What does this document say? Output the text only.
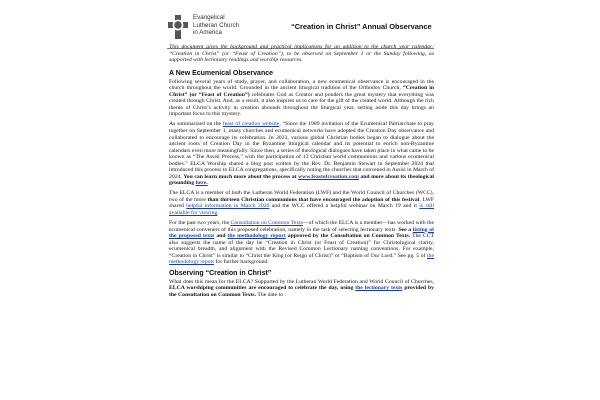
Evangelical
Lutheran Church
in America
“Creation in Christ” Annual Observance

This document gives the background and practical implications for an addition to the church year calendar: “Creation in Christ” (or “Feast of Creation”), to be observed on September 1 or the Sunday following, as supported with lectionary readings and worship resources.

A New Ecumenical Observance

Following several years of study, prayer, and collaboration, a new ecumenical observance is encouraged in the church throughout the world. Grounded in the ancient liturgical tradition of the Orthodox Church, “Creation in Christ” (or “Feast of Creation”) celebrates God as Creator and ponders the great mystery that everything was created through Christ. And, as a result, it also inspires us to care for the gift of the created world. Although the rich theme of Christ’s activity in creation abounds throughout the liturgical year, setting aside this day brings an important focus to this mystery.

As summarized on the feast of creation website, “Since the 1989 invitation of the Ecumenical Patriarchate to pray together on September 1, many churches and ecumenical networks have adopted the Creation Day observance and collaborated to encourage its celebration. In 2023, various global Christian bodies began to dialogue about the ancient roots of Creation Day in the Byzantine liturgical calendar and its potential to enrich non-Byzantine calendars even more meaningfully. Since then, a series of theological dialogues have taken place in what came to be known as “The Assisi Process,” with the participation of 13 Christian world communions and various ecumenical bodies.” ELCA Worship shared a blog post written by the Rev. Dr. Benjamin Stewart in September 2024 that introduced this process to ELCA congregations, specifically noting the churches that convened in Assisi in March of 2024. You can learn much more about the process at www.feastofcreation.com and more about its theological grounding here.

The ELCA is a member of both the Lutheran World Federation (LWF) and the World Council of Churches (WCC), two of the more than thirteen Christian communions that have encouraged the adoption of this festival. LWF shared helpful information in March 2026 and the WCC offered a helpful webinar on March 19 and it is still available for viewing.

For the past two years, the Consultation on Common Texts—of which the ELCA is a member—has worked with the ecumenical conveners of this proposed celebration, namely in the task of selecting lectionary texts. See a listing of the proposed texts and the methodology report approved by the Consultation on Common Texts. The CCT also suggests the name of the day be “Creation in Christ (or Feast of Creation)” for Christological clarity, ecumenical breadth, and alignment with the Revised Common Lectionary naming conventions. For example, “Creation in Christ” is similar to “Christ the King (or Reign of Christ)” or “Baptism of Our Lord.” See pg. 5 of the methodology report for further background.

Observing “Creation in Christ”

What does this mean for the ELCA? Supported by the Lutheran World Federation and World Council of Churches, ELCA worshiping communities are encouraged to celebrate the day, using the lectionary texts provided by the Consultation on Common Texts. The date to
